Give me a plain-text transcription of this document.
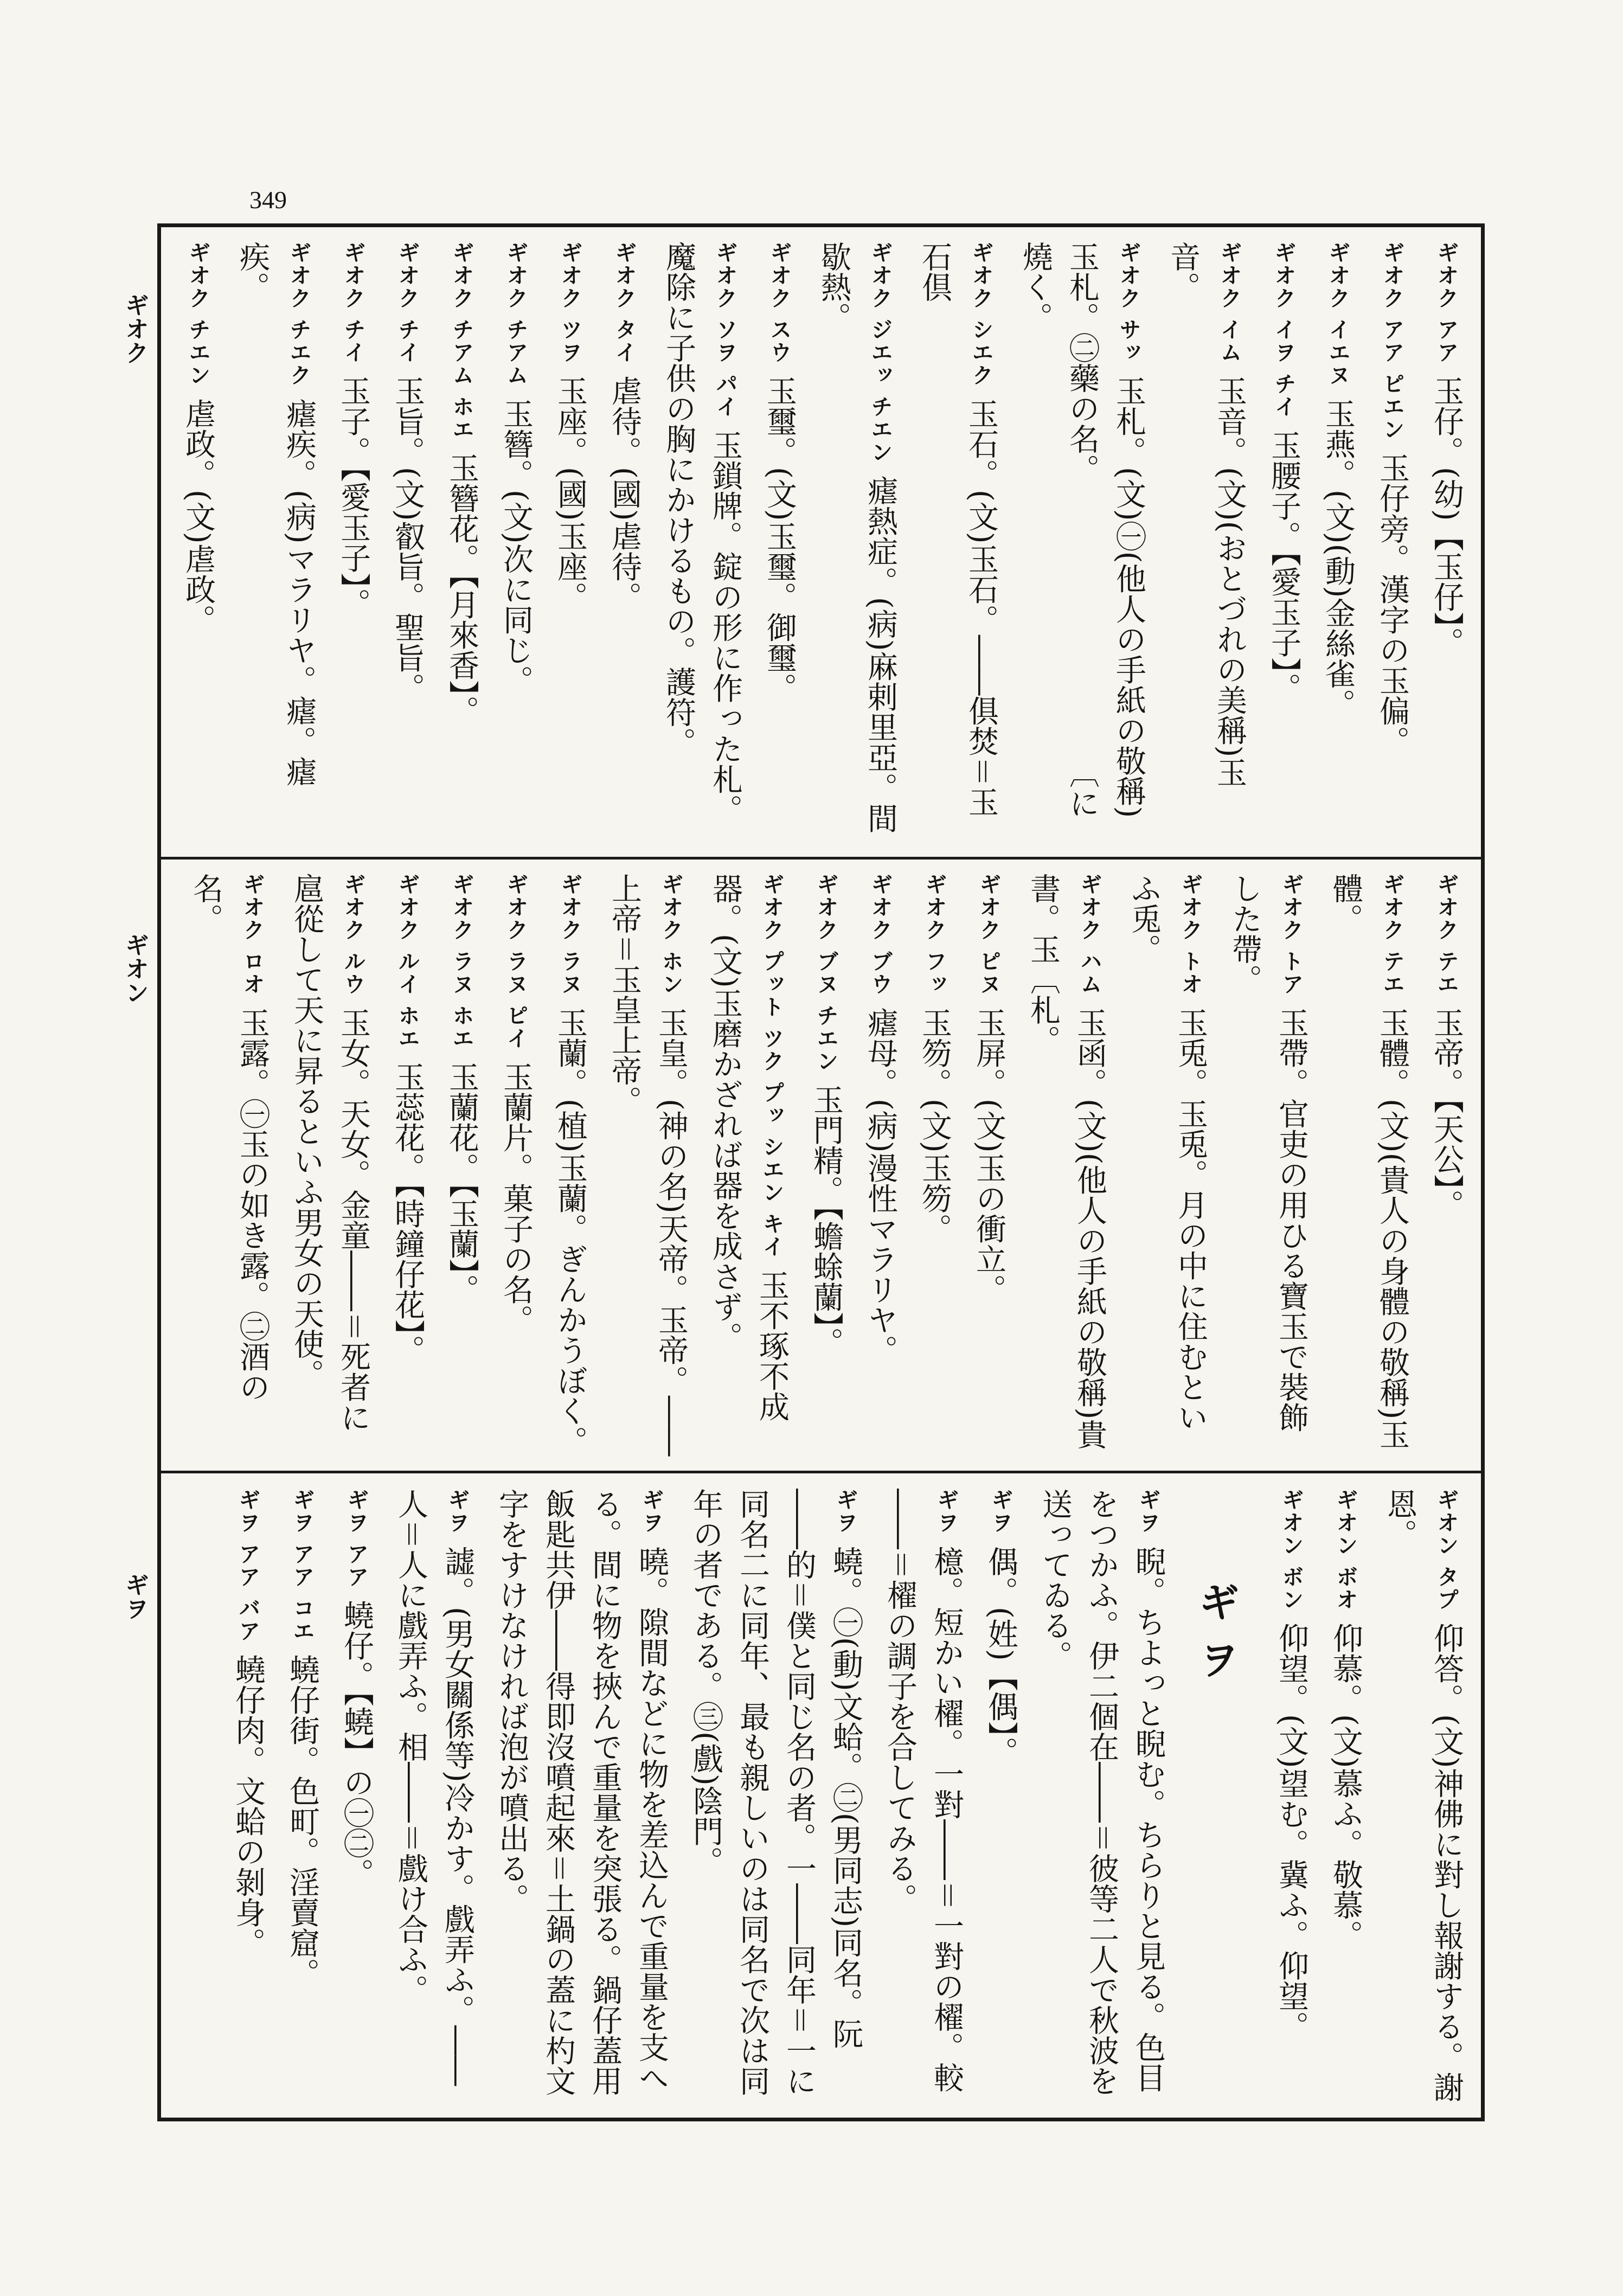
349
ギオク
ギオン
ギヲ
ギオク アア玉仔。(幼)【玉仔】。
ギオク アア ピエン玉仔旁。漢字の玉偏。
ギオク イエヌ玉燕。(文)(動)金絲雀。
ギオク イヲ チイ玉腰子。【愛玉子】。
ギオク イム玉音。(文)(おとづれの美稱)玉音。
ギオク サッ玉札。(文)㊀(他人の手紙の敬稱)玉札。㊁藥の名。　　　　　　　　　　〔に燒く。
ギオク シエク玉石。(文)玉石。――俱焚＝玉石倶
ギオク ジエッ チエン瘧熱症。(病)麻剌里亞。間歇熱。
ギオク スウ玉璽。(文)玉璽。御璽。
ギオク ソヲ パイ玉鎖牌。錠の形に作った札。魔除に子供の胸にかけるもの。護符。
ギオク タイ虐待。(國)虐待。
ギオク ツヲ玉座。(國)玉座。
ギオク チアム玉簪。(文)次に同じ。
ギオク チアム ホエ玉簪花。【月來香】。
ギオク チイ玉旨。(文)叡旨。聖旨。
ギオク チイ玉子。【愛玉子】。
ギオク チエク瘧疾。(病)マラリヤ。瘧。瘧疾。
ギオク チエン虐政。(文)虐政。
ギオク テエ玉帝。【天公】。
ギオク テエ玉體。(文)(貴人の身體の敬稱)玉體。
ギオク トア玉帶。官吏の用ひる寶玉で裝飾した帶。
ギオク トオ玉兎。玉兎。月の中に住むといふ兎。
ギオク ハム玉函。(文)(他人の手紙の敬稱)貴書。玉〔札。
ギオク ピヌ玉屏。(文)玉の衝立。
ギオク フッ玉笏。(文)玉笏。
ギオク ブウ瘧母。(病)漫性マラリヤ。
ギオク ブヌ チエン玉門精。【蟾蜍蘭】。
ギオク プット ツク プッ シエン キイ玉不琢不成器。(文)玉磨かざれば器を成さず。
ギオク ホン玉皇。(神の名)天帝。玉帝。――上帝＝玉皇上帝。
ギオク ラヌ玉蘭。(植)玉蘭。ぎんかうぼく。
ギオク ラヌ ピイ玉蘭片。菓子の名。
ギオク ラヌ ホエ玉蘭花。【玉蘭】。
ギオク ルイ ホエ玉蕊花。【時鐘仔花】。
ギオク ルウ玉女。天女。金童――＝死者に扈從して天に昇るといふ男女の天使。
ギオク ロオ玉露。㊀玉の如き露。㊁酒の名。
ギオン タプ仰答。(文)神佛に對し報謝する。謝恩。
ギオン ボオ仰慕。(文)慕ふ。敬慕。
ギオン ボン仰望。(文)望む。冀ふ。仰望。
ギヲ
ギヲ睨。ちよっと睨む。ちらりと見る。色目をつかふ。伊二個在――＝彼等二人で秋波を送ってゐる。
ギヲ偶。(姓)【偶】。
ギヲ檍。短かい櫂。一對――＝一對の櫂。較――＝櫂の調子を合してみる。
ギヲ蟯。㊀(動)文蛤。㊁(男同志)同名。阮――的＝僕と同じ名の者。一――同年＝一に同名二に同年、最も親しいのは同名で次は同年の者である。㊂(戲)陰門。
ギヲ曉。隙間などに物を差込んで重量を支へる。間に物を挾んで重量を突張る。鍋仔蓋用飯匙共伊――得即沒噴起來＝土鍋の蓋に杓文字をすけなければ泡が噴出る。
ギヲ譃。(男女關係等)冷かす。戲弄ふ。――人＝人に戲弄ふ。相――＝戲け合ふ。
ギヲ アア蟯仔。【蟯】の㊀㊁。
ギヲ アア コエ蟯仔街。色町。淫賣窟。
ギヲ アア バア蟯仔肉。文蛤の剝身。
